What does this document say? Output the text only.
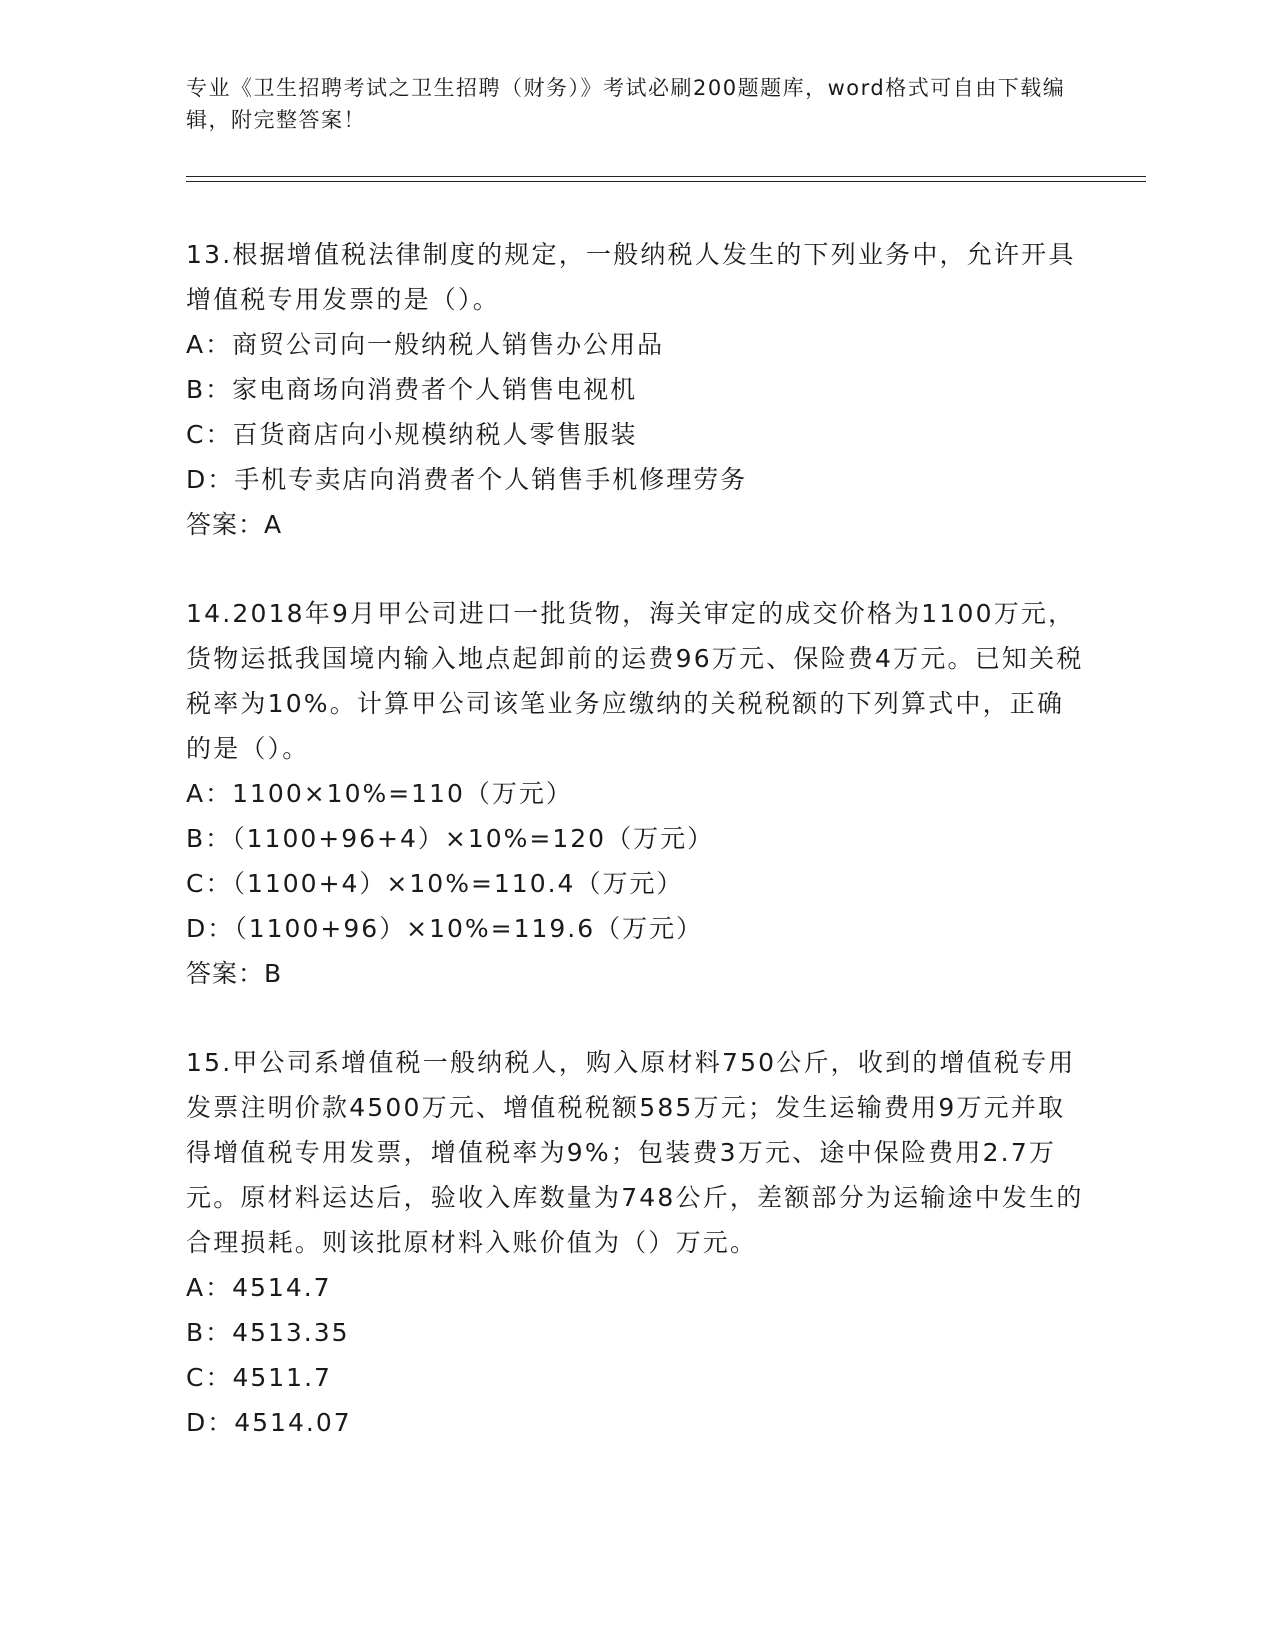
专业《卫生招聘考试之卫生招聘（财务）》考试必刷200题题库，word格式可自由下载编辑，附完整答案！

13.根据增值税法律制度的规定，一般纳税人发生的下列业务中，允许开具增值税专用发票的是（）。

A：商贸公司向一般纳税人销售办公用品

B：家电商场向消费者个人销售电视机

C：百货商店向小规模纳税人零售服装

D：手机专卖店向消费者个人销售手机修理劳务

答案：A

14.2018年9月甲公司进口一批货物，海关审定的成交价格为1100万元，货物运抵我国境内输入地点起卸前的运费96万元、保险费4万元。已知关税税率为10%。计算甲公司该笔业务应缴纳的关税税额的下列算式中，正确的是（）。

A：1100×10%=110（万元）

B：（1100+96+4）×10%=120（万元）

C：（1100+4）×10%=110.4（万元）

D：（1100+96）×10%=119.6（万元）

答案：B

15.甲公司系增值税一般纳税人，购入原材料750公斤，收到的增值税专用发票注明价款4500万元、增值税税额585万元；发生运输费用9万元并取得增值税专用发票，增值税率为9%；包装费3万元、途中保险费用2.7万元。原材料运达后，验收入库数量为748公斤，差额部分为运输途中发生的合理损耗。则该批原材料入账价值为（）万元。

A：4514.7

B：4513.35

C：4511.7

D：4514.07
